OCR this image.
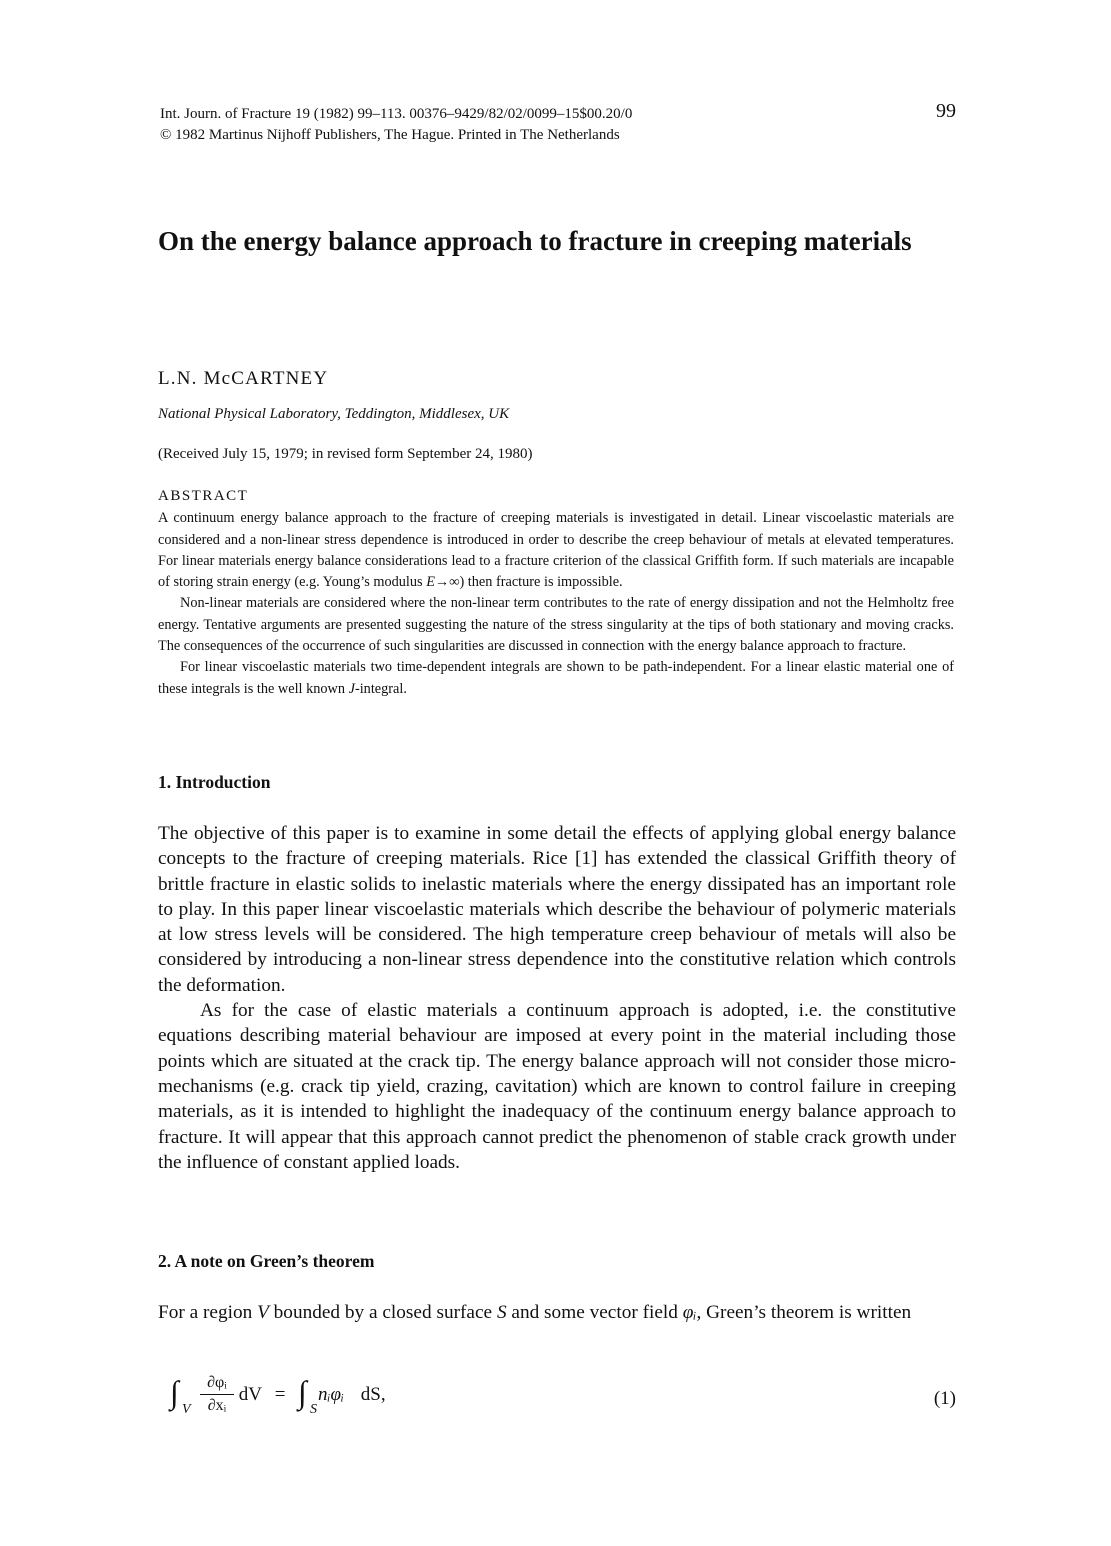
Int. Journ. of Fracture 19 (1982) 99–113. 00376–9429/82/02/0099–15$00.20/0
© 1982 Martinus Nijhoff Publishers, The Hague. Printed in The Netherlands
99
On the energy balance approach to fracture in creeping materials
L.N. McCARTNEY
National Physical Laboratory, Teddington, Middlesex, UK
(Received July 15, 1979; in revised form September 24, 1980)
ABSTRACT

A continuum energy balance approach to the fracture of creeping materials is investigated in detail. Linear viscoelastic materials are considered and a non-linear stress dependence is introduced in order to describe the creep behaviour of metals at elevated temperatures. For linear materials energy balance considerations lead to a fracture criterion of the classical Griffith form. If such materials are incapable of storing strain energy (e.g. Young’s modulus E→∞) then fracture is impossible.

Non-linear materials are considered where the non-linear term contributes to the rate of energy dissipation and not the Helmholtz free energy. Tentative arguments are presented suggesting the nature of the stress singularity at the tips of both stationary and moving cracks. The consequences of the occurrence of such singularities are discussed in connection with the energy balance approach to fracture.

For linear viscoelastic materials two time-dependent integrals are shown to be path-independent. For a linear elastic material one of these integrals is the well known J-integral.

1. Introduction

The objective of this paper is to examine in some detail the effects of applying global energy balance concepts to the fracture of creeping materials. Rice [1] has extended the classical Griffith theory of brittle fracture in elastic solids to inelastic materials where the energy dissipated has an important role to play. In this paper linear viscoelastic materials which describe the behaviour of polymeric materials at low stress levels will be considered. The high temperature creep behaviour of metals will also be considered by introducing a non-linear stress dependence into the constitutive relation which controls the deformation.

As for the case of elastic materials a continuum approach is adopted, i.e. the constitutive equations describing material behaviour are imposed at every point in the material including those points which are situated at the crack tip. The energy balance approach will not consider those micro-mechanisms (e.g. crack tip yield, crazing, cavitation) which are known to control failure in creeping materials, as it is intended to highlight the inadequacy of the continuum energy balance approach to fracture. It will appear that this approach cannot predict the phenomenon of stable crack growth under the influence of constant applied loads.

2. A note on Green’s theorem

For a region V bounded by a closed surface S and some vector field φᵢ, Green’s theorem is written

∫ V
∂φᵢ
∂xᵢ
dV = ∫ S
nᵢφᵢ dS,	(1)
